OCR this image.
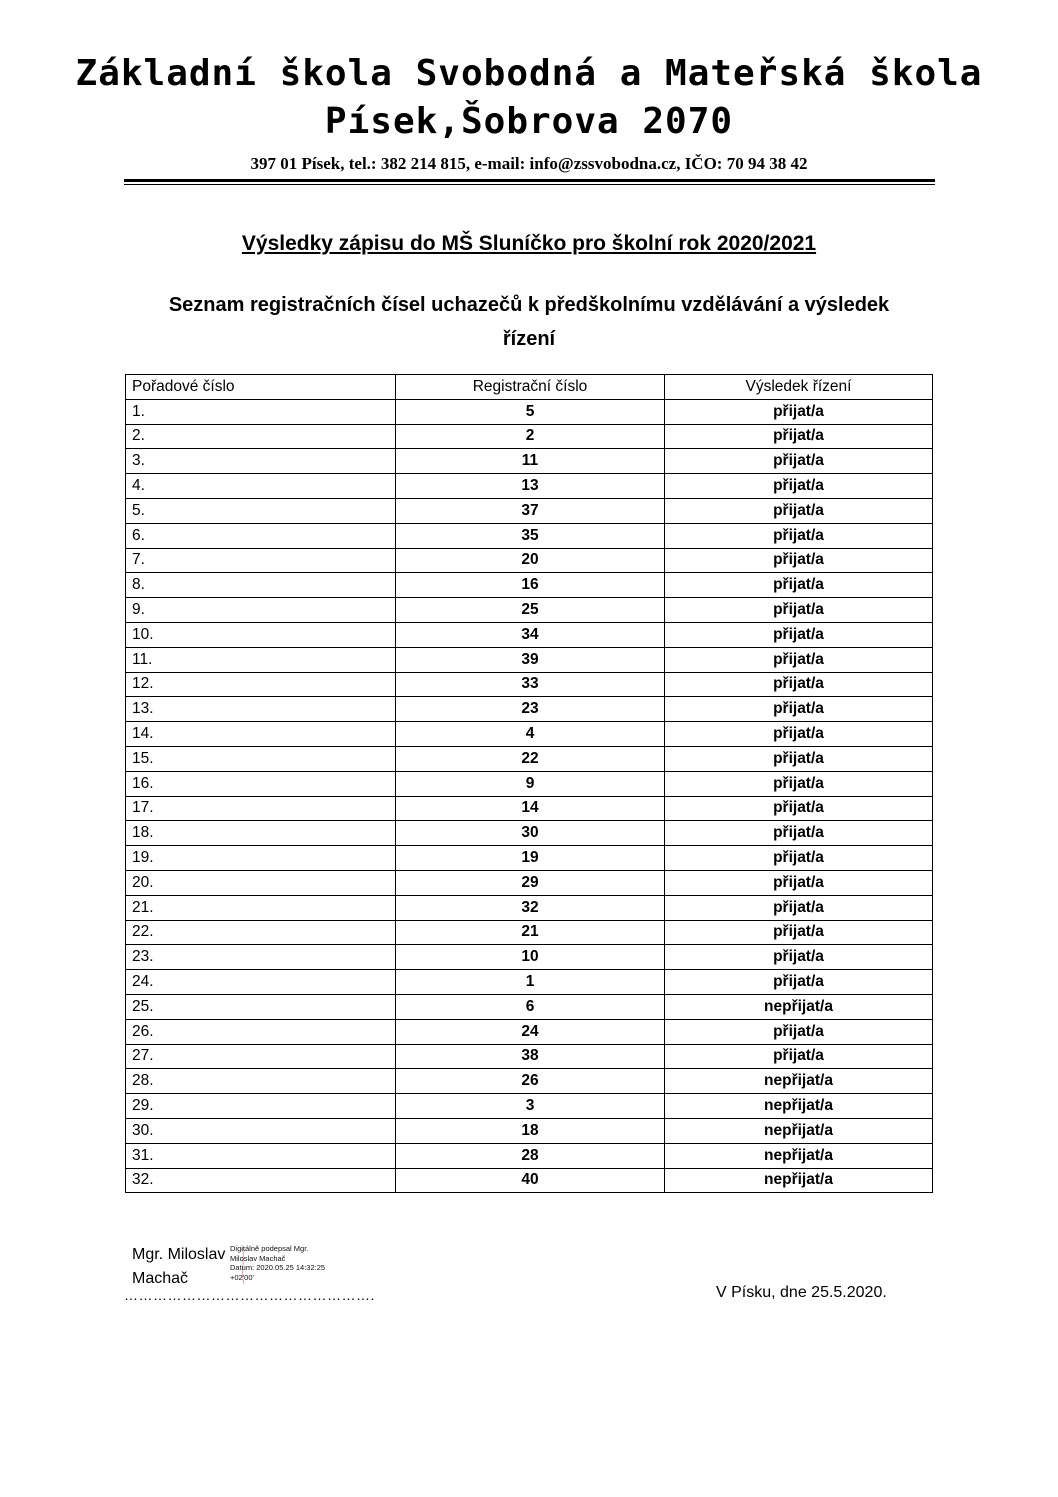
Základní škola Svobodná a Mateřská škola
Písek,Šobrova 2070
397 01 Písek, tel.: 382 214 815, e-mail: info@zssvobodna.cz, IČO: 70 94 38 42
Výsledky zápisu do MŠ Sluníčko pro školní rok 2020/2021
Seznam registračních čísel uchazečů k předškolnímu vzdělávání a výsledek řízení
Pořadové číslo	Registrační číslo	Výsledek řízení
1.	5	přijat/a
2.	2	přijat/a
3.	11	přijat/a
4.	13	přijat/a
5.	37	přijat/a
6.	35	přijat/a
7.	20	přijat/a
8.	16	přijat/a
9.	25	přijat/a
10.	34	přijat/a
11.	39	přijat/a
12.	33	přijat/a
13.	23	přijat/a
14.	4	přijat/a
15.	22	přijat/a
16.	9	přijat/a
17.	14	přijat/a
18.	30	přijat/a
19.	19	přijat/a
20.	29	přijat/a
21.	32	přijat/a
22.	21	přijat/a
23.	10	přijat/a
24.	1	přijat/a
25.	6	nepřijat/a
26.	24	přijat/a
27.	38	přijat/a
28.	26	nepřijat/a
29.	3	nepřijat/a
30.	18	nepřijat/a
31.	28	nepřijat/a
32.	40	nepřijat/a
Mgr. Miloslav
Machač
Digitálně podepsal Mgr.
Miloslav Machač
Datum: 2020.05.25 14:32:25
+02'00'
…………………………………………….	V Písku, dne 25.5.2020.
